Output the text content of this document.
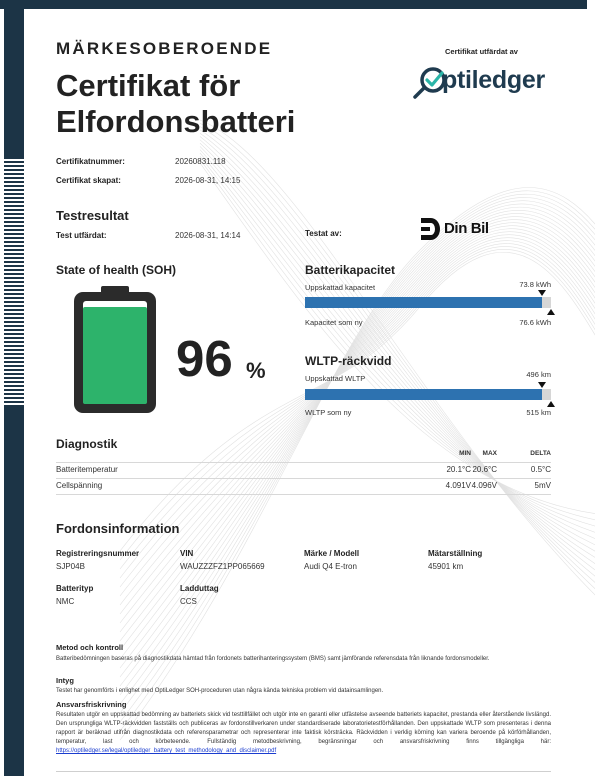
MÄRKESOBEROENDE
Certifikat för Elfordonsbatteri
Certifikat utfärdat av
ptiledger
Certifikatnummer:	20260831.118
Certifikat skapat:	2026-08-31, 14:15
Testresultat
Test utfärdat:	2026-08-31, 14:14	Testat av:	Din Bil
State of health (SOH)
96 %
Batterikapacitet
Uppskattad kapacitet	73.8 kWh
Kapacitet som ny	76.6 kWh
WLTP-räckvidd
Uppskattad WLTP	496 km
WLTP som ny	515 km
Diagnostik
MIN MAX	DELTA
Batteritemperatur	20.1°C 20.6°C	0.5°C
Cellspänning	4.091V 4.096V	5mV
Fordonsinformation
Registreringsnummer
SJP04B
VIN
WAUZZZFZ1PP065669
Märke / Modell
Audi Q4 E-tron
Mätarställning
45901 km
Batterityp
NMC
Ladduttag
CCS
Metod och kontroll
Batteribedömningen baseras på diagnostikdata hämtad från fordonets batterihanteringssystem (BMS) samt jämförande referensdata från liknande fordonsmodeller.
Intyg
Testet har genomförts i enlighet med OptiLedger SOH-proceduren utan några kända tekniska problem vid datainsamlingen.
Ansvarsfriskrivning
Resultaten utgör en uppskattad bedömning av batteriets skick vid testtillfället och utgör inte en garanti eller utfästelse avseende batteriets kapacitet, prestanda eller återstående livslängd. Den ursprungliga WLTP-räckvidden fastställs och publiceras av fordonstillverkaren under standardiserade laboratorietestförhållanden. Den uppskattade WLTP som presenteras i denna rapport är beräknad utifrån diagnostikdata och referensparametrar och representerar inte faktisk körsträcka. Räckvidden i verklig körning kan variera beroende på körförhållanden, temperatur, last och körbeteende. Fullständig metodbeskrivning, begränsningar och ansvarsfriskrivning finns tillgängliga här: https://optiledger.se/legal/optiledger_battery_test_methodology_and_disclaimer.pdf
